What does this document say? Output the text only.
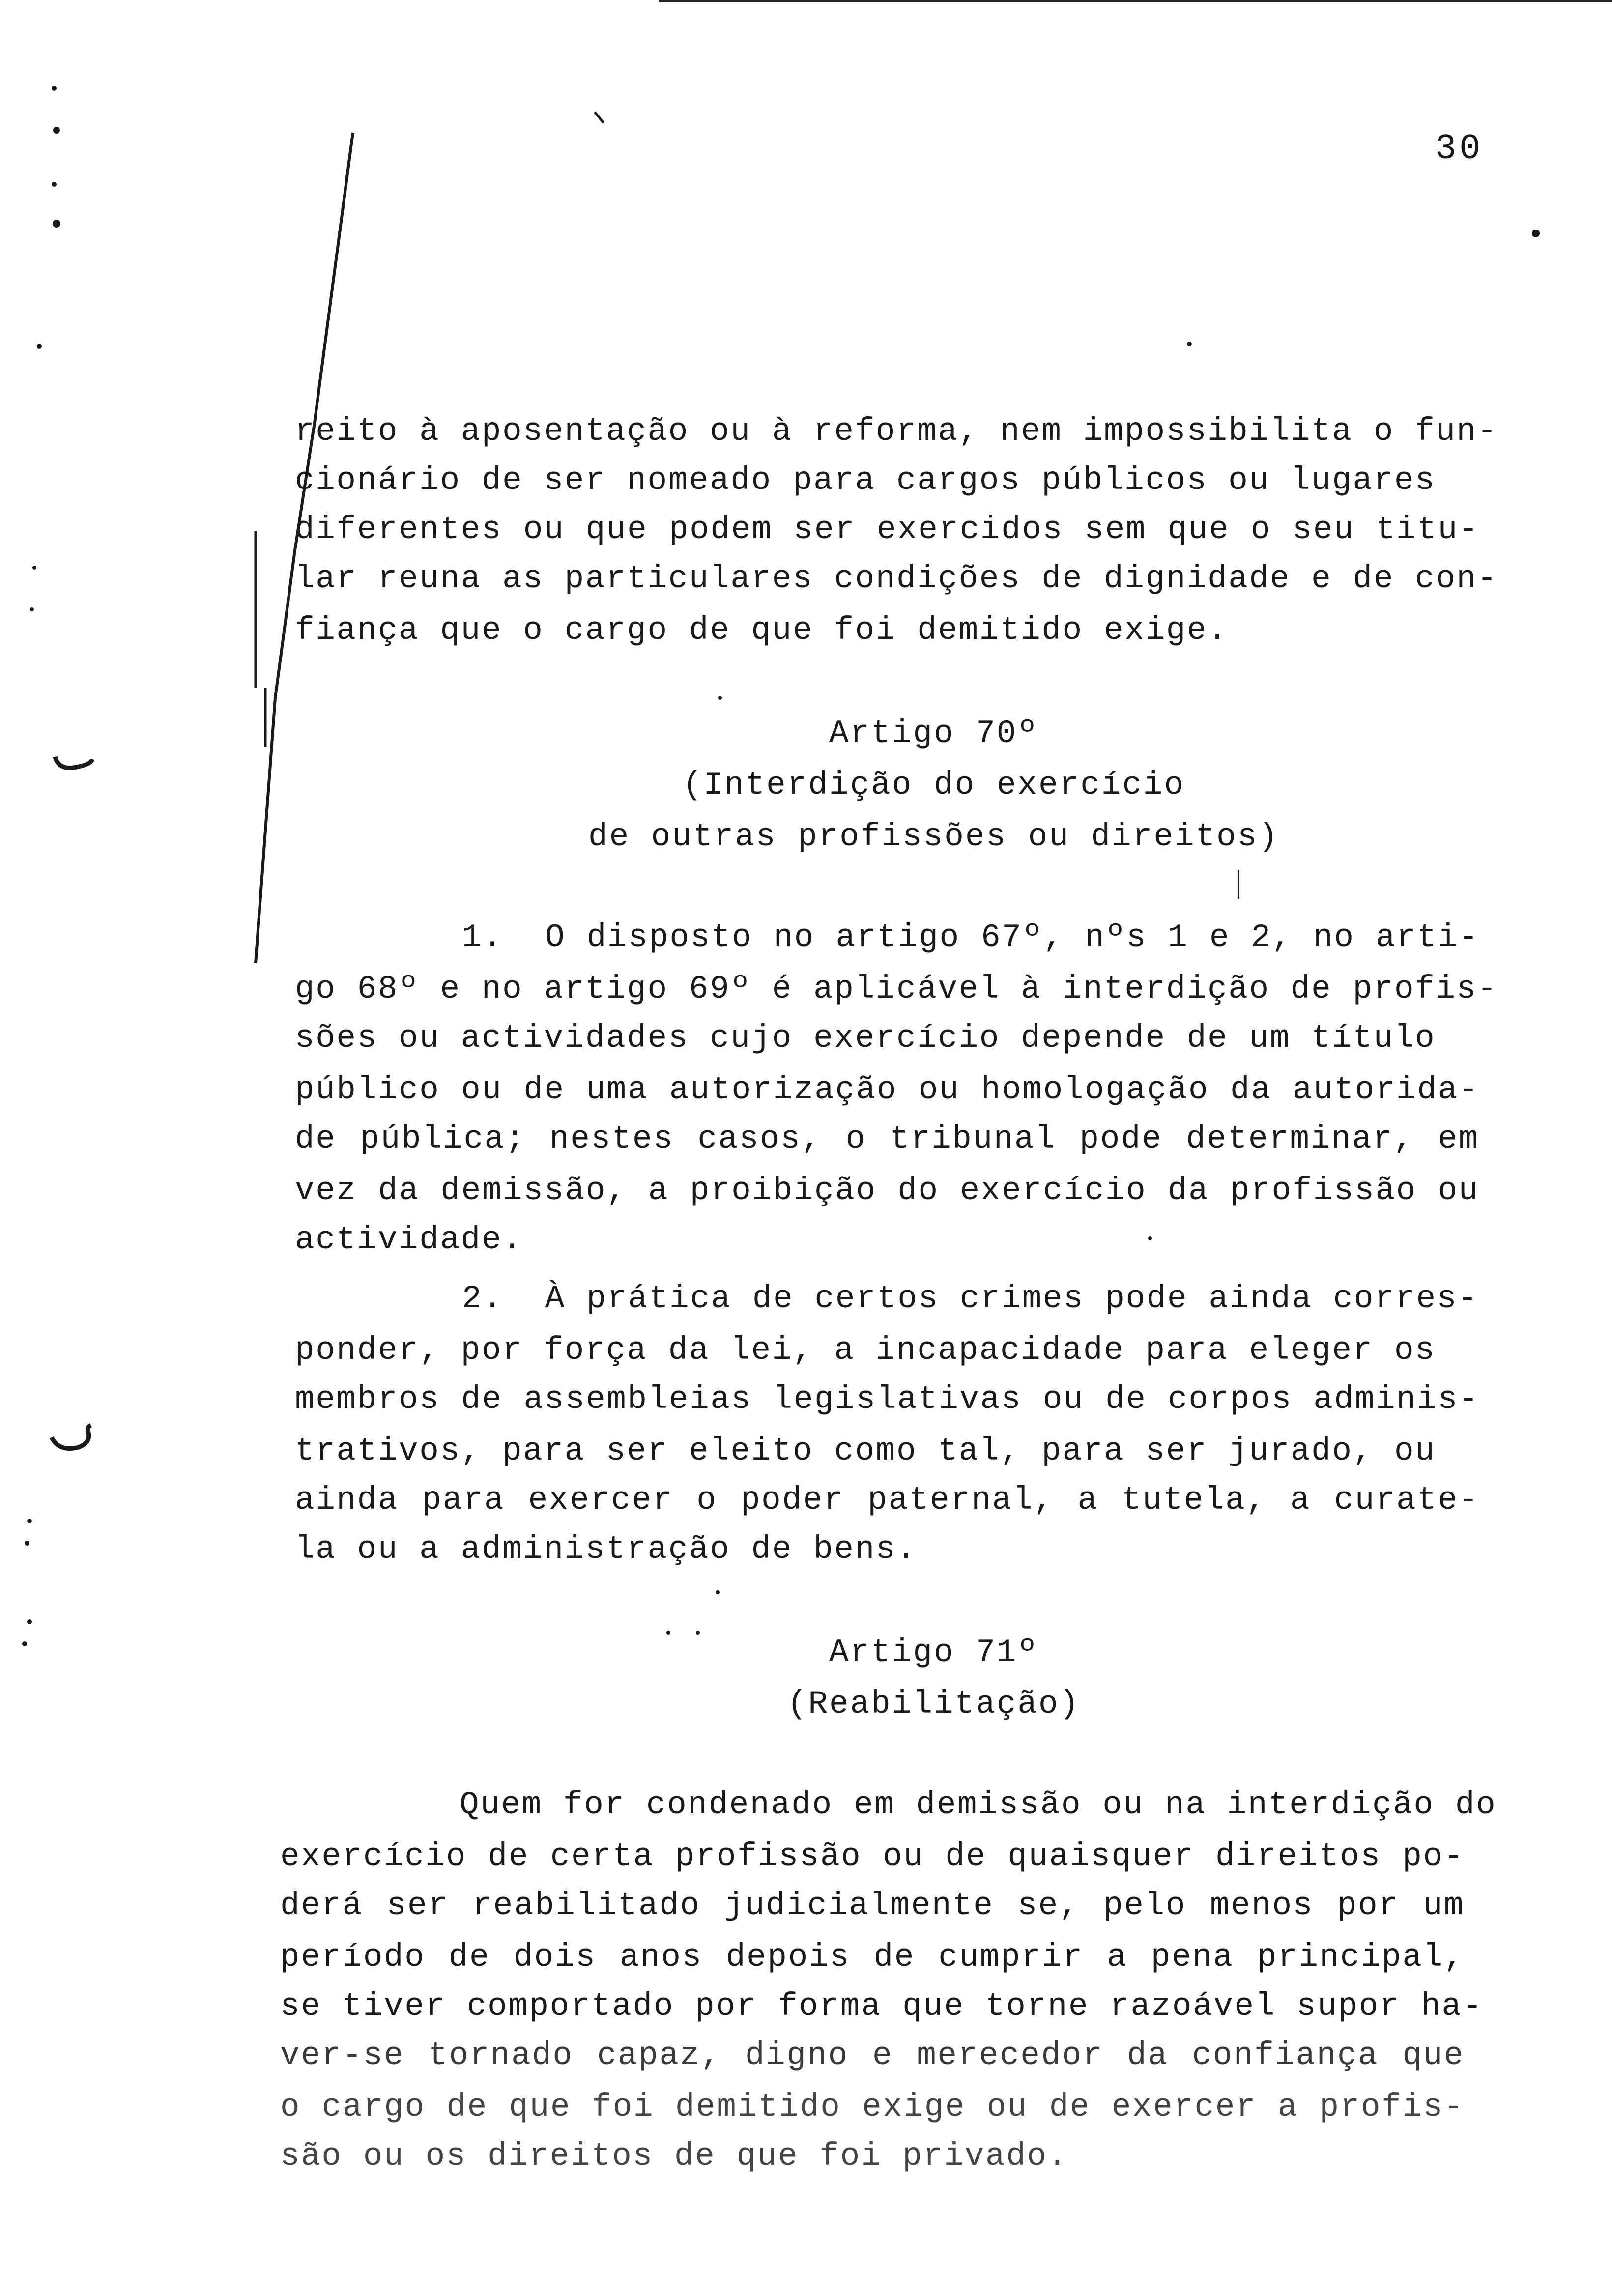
30
reito à aposentação ou à reforma, nem impossibilita o fun-
cionário de ser nomeado para cargos públicos ou lugares
diferentes ou que podem ser exercidos sem que o seu titu-
lar reuna as particulares condições de dignidade e de con-
fiança que o cargo de que foi demitido exige.
Artigo 70º
(Interdição do exercício
de outras profissões ou direitos)
1.  O disposto no artigo 67º, nºs 1 e 2, no arti-
go 68º e no artigo 69º é aplicável à interdição de profis-
sões ou actividades cujo exercício depende de um título
público ou de uma autorização ou homologação da autorida-
de pública; nestes casos, o tribunal pode determinar, em
vez da demissão, a proibição do exercício da profissão ou
actividade.
2.  À prática de certos crimes pode ainda corres-
ponder, por força da lei, a incapacidade para eleger os
membros de assembleias legislativas ou de corpos adminis-
trativos, para ser eleito como tal, para ser jurado, ou
ainda para exercer o poder paternal, a tutela, a curate-
la ou a administração de bens.
Artigo 71º
(Reabilitação)
Quem for condenado em demissão ou na interdição do
exercício de certa profissão ou de quaisquer direitos po-
derá ser reabilitado judicialmente se, pelo menos por um
período de dois anos depois de cumprir a pena principal,
se tiver comportado por forma que torne razoável supor ha-
ver-se tornado capaz, digno e merecedor da confiança que
o cargo de que foi demitido exige ou de exercer a profis-
são ou os direitos de que foi privado.
